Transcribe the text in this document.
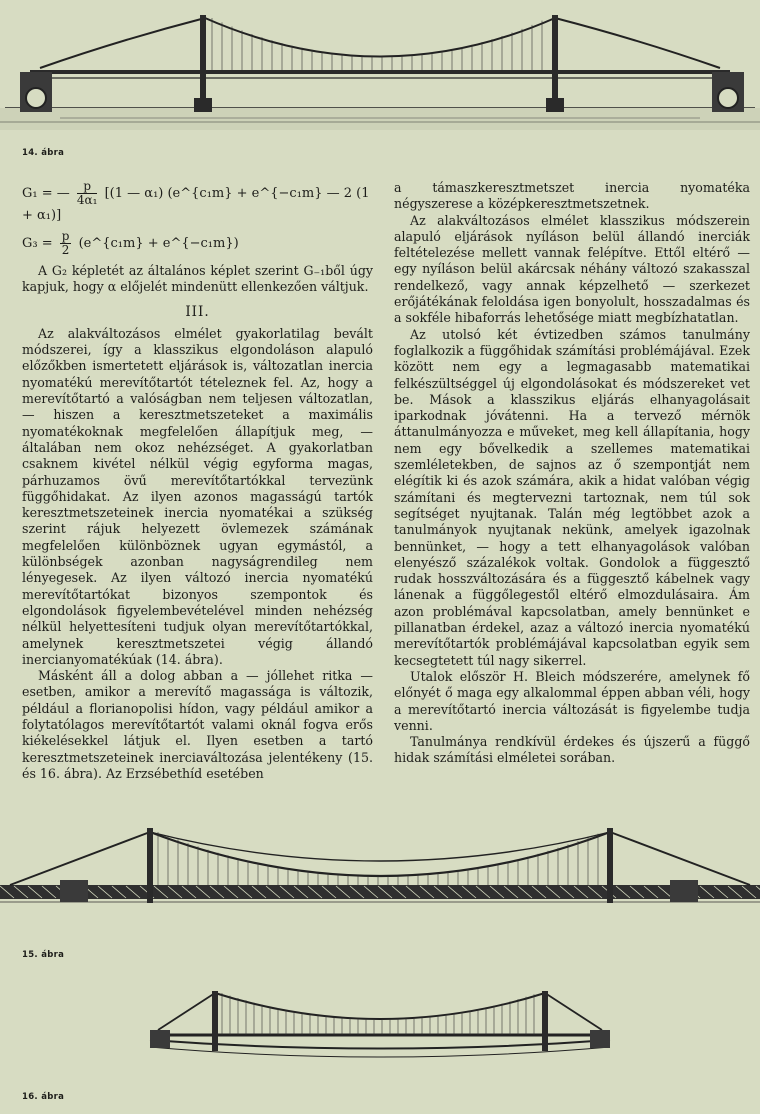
14. ábra
G₁ = — $\frac{p}{\text{4α₁}} [(1$ — α₁) (e^{c₁m} + e^{−c₁m} — 2 (1 + α₁)]
$G_3 = \frac{p}{2}$ (e^{c₁m} + e^{−c₁m})

A G₂ képletét az általános képlet szerint G₋₁ből úgy kapjuk, hogy α előjelét mindenütt ellenkezően váltjuk.

III.

Az alakváltozásos elmélet gyakorlatilag bevált módszerei, így a klasszikus elgondoláson alapuló előzőkben ismertetett eljárások is, változatlan inercia nyomatékú merevítőtartót tételeznek fel. Az, hogy a merevítőtartó a valóságban nem teljesen változatlan, — hiszen a keresztmetszeteket a maximális nyomatékoknak megfelelően állapítjuk meg, — általában nem okoz nehézséget. A gyakorlatban csaknem kivétel nélkül végig egyforma magas, párhuzamos övű merevítőtartókkal tervezünk függőhidakat. Az ilyen azonos magasságú tartók keresztmetszeteinek inercia nyomatékai a szükség szerint rájuk helyezett övlemezek számának megfelelően különböznek ugyan egymástól, a különbségek azonban nagyságrendileg nem lényegesek. Az ilyen változó inercia nyomatékú merevítőtartókat bizonyos szempontok és elgondolások figyelembevételével minden nehézség nélkül helyettesíteni tudjuk olyan merevítőtartókkal, amelynek keresztmetszetei végig állandó inercianyomatékúak (14. ábra).

Másként áll a dolog abban a — jóllehet ritka — esetben, amikor a merevítő magassága is változik, például a florianopolisi hídon, vagy például amikor a folytatólagos merevítőtartót valami oknál fogva erős kiékelésekkel látjuk el. Ilyen esetben a tartó keresztmetszeteinek inerciaváltozása jelentékeny (15. és 16. ábra). Az Erzsébethíd esetében

a támaszkeresztmetszet inercia nyomatéka négyszerese a középkeresztmetszetnek.

Az alakváltozásos elmélet klasszikus módszerein alapuló eljárások nyíláson belül állandó inerciák feltételezése mellett vannak felépítve. Ettől eltérő — egy nyíláson belül akárcsak néhány változó szakasszal rendelkező, vagy annak képzelhető — szerkezet erőjátékának feloldása igen bonyolult, hosszadalmas és a sokféle hibaforrás lehetősége miatt megbízhatatlan.

Az utolsó két évtizedben számos tanulmány foglalkozik a függőhidak számítási problémájával. Ezek között nem egy a legmagasabb matematikai felkészültséggel új elgondolásokat és módszereket vet be. Mások a klasszikus eljárás elhanyagolásait iparkodnak jóvátenni. Ha a tervező mérnök áttanulmányozza e műveket, meg kell állapítania, hogy nem egy bővelkedik a szellemes matematikai szemléletekben, de sajnos az ő szempontját nem elégítik ki és azok számára, akik a hidat valóban végig számítani és megtervezni tartoznak, nem túl sok segítséget nyujtanak. Talán még legtöbbet azok a tanulmányok nyujtanak nekünk, amelyek igazolnak bennünket, — hogy a tett elhanyagolások valóban elenyésző százalékok voltak. Gondolok a függesztő rudak hosszváltozására és a függesztő kábelnek vagy lánenak a függőlegestől eltérő elmozdulásaira. Ám azon problémával kapcsolatban, amely bennünket e pillanatban érdekel, azaz a változó inercia nyomatékú merevítőtartók problémájával kapcsolatban egyik sem kecsegtetett túl nagy sikerrel.

Utalok először H. Bleich módszerére, amelynek fő előnyét ő maga egy alkalommal éppen abban véli, hogy a merevítőtartó inercia változását is figyelembe tudja venni.

Tanulmánya rendkívül érdekes és újszerű a függő hidak számítási elméletei sorában.

15. ábra
16. ábra
